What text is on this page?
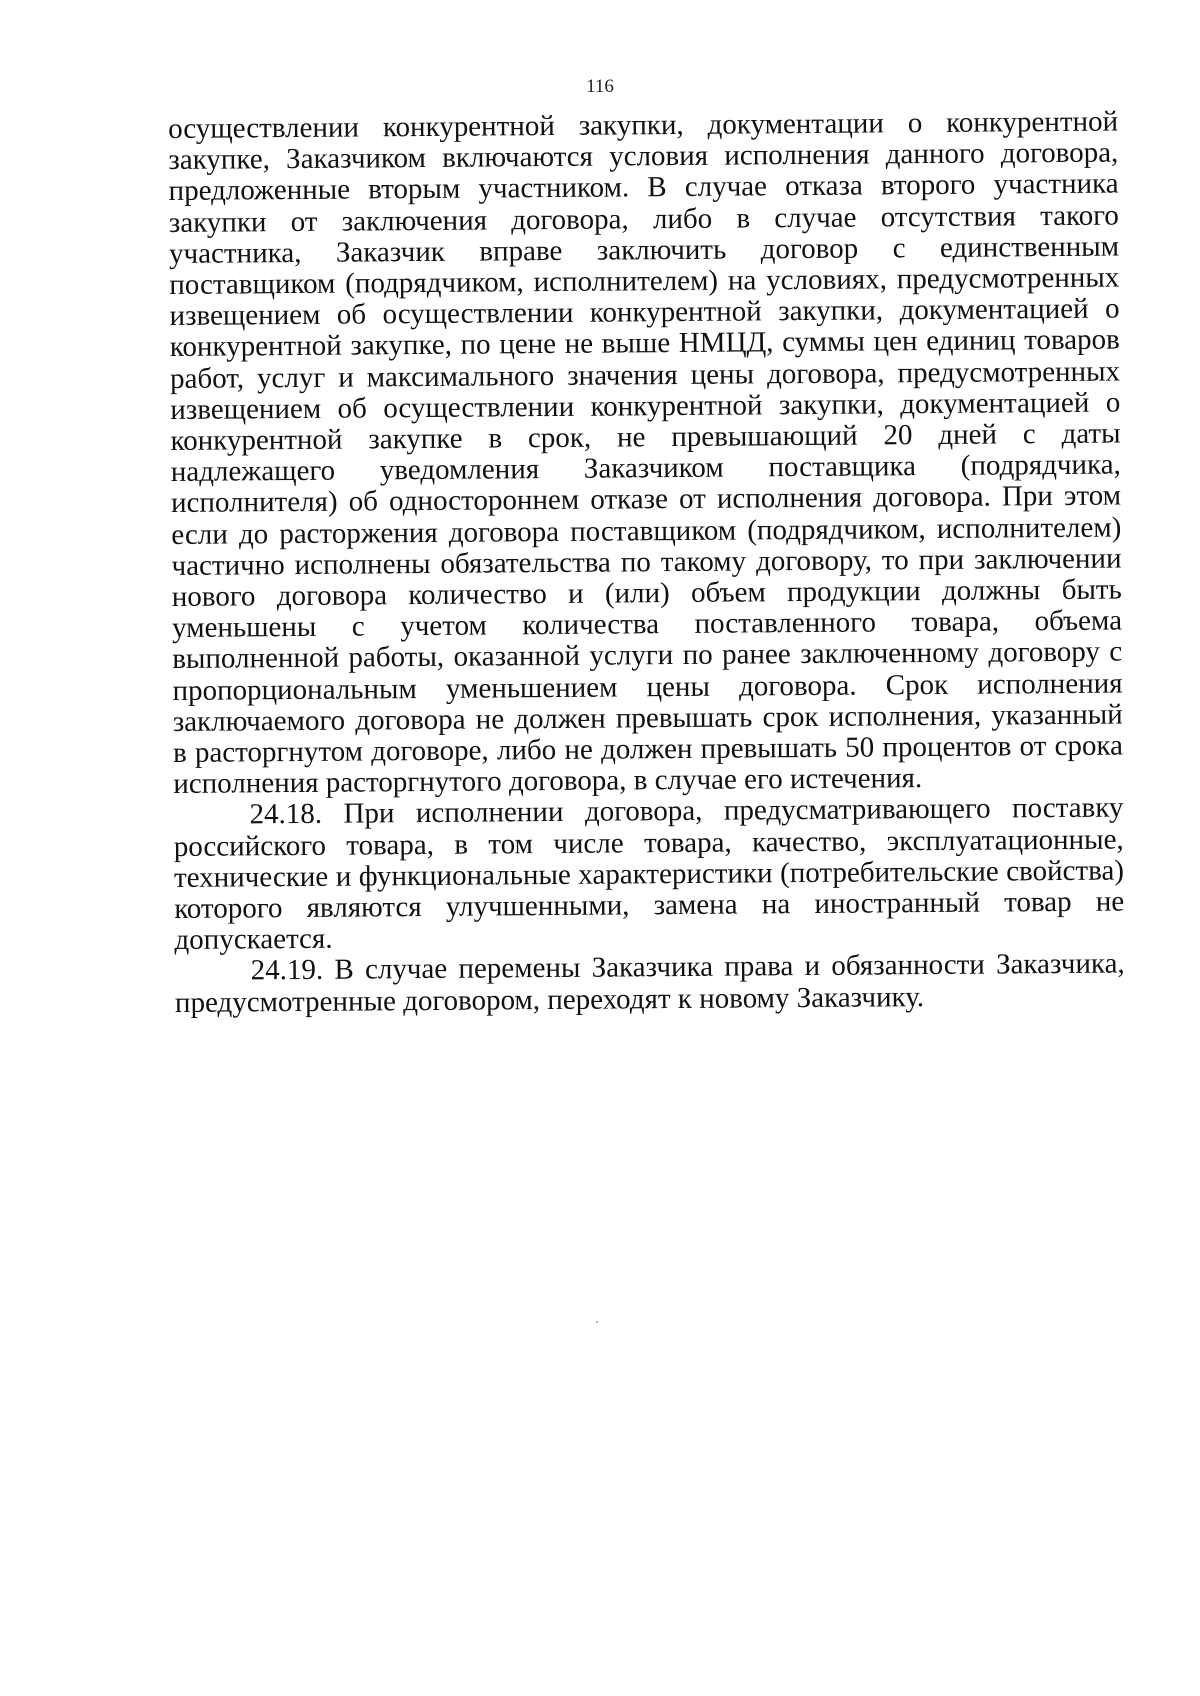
116

осуществлении конкурентной закупки, документации о конкурентной закупке, Заказчиком включаются условия исполнения данного договора, предложенные вторым участником. В случае отказа второго участника закупки от заключения договора, либо в случае отсутствия такого участника, Заказчик вправе заключить договор с единственным поставщиком (подрядчиком, исполнителем) на условиях, предусмотренных извещением об осуществлении конкурентной закупки, документацией о конкурентной закупке, по цене не выше НМЦД, суммы цен единиц товаров работ, услуг и максимального значения цены договора, предусмотренных извещением об осуществлении конкурентной закупки, документацией о конкурентной закупке в срок, не превышающий 20 дней с даты надлежащего уведомления Заказчиком поставщика (подрядчика, исполнителя) об одностороннем отказе от исполнения договора. При этом если до расторжения договора поставщиком (подрядчиком, исполнителем) частично исполнены обязательства по такому договору, то при заключении нового договора количество и (или) объем продукции должны быть уменьшены с учетом количества поставленного товара, объема выполненной работы, оказанной услуги по ранее заключенному договору с пропорциональным уменьшением цены договора. Срок исполнения заключаемого договора не должен превышать срок исполнения, указанный в расторгнутом договоре, либо не должен превышать 50 процентов от срока исполнения расторгнутого договора, в случае его истечения.

24.18. При исполнении договора, предусматривающего поставку российского товара, в том числе товара, качество, эксплуатационные, технические и функциональные характеристики (потребительские свойства) которого являются улучшенными, замена на иностранный товар не допускается.

24.19. В случае перемены Заказчика права и обязанности Заказчика, предусмотренные договором, переходят к новому Заказчику.
